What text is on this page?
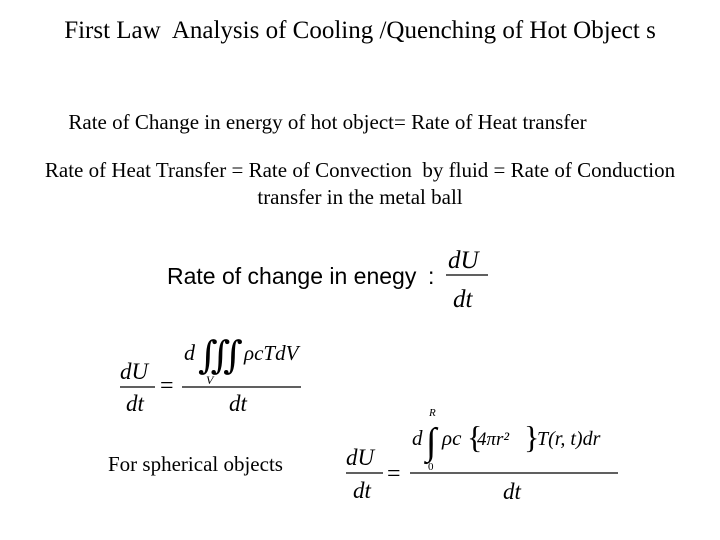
First Law  Analysis of Cooling /Quenching of Hot Object s
Rate of Change in energy of hot object= Rate of Heat transfer
Rate of Heat Transfer = Rate of Convection  by fluid = Rate of Conduction transfer in the metal ball
Rate of change in enegy :
dU
dt
dU
dt
=
d ∭ ρcTdV
V
dt
For spherical objects	dU
dt
=
d ∫
R
0
ρc {
4πr² }
T(r, t)dr
dt
